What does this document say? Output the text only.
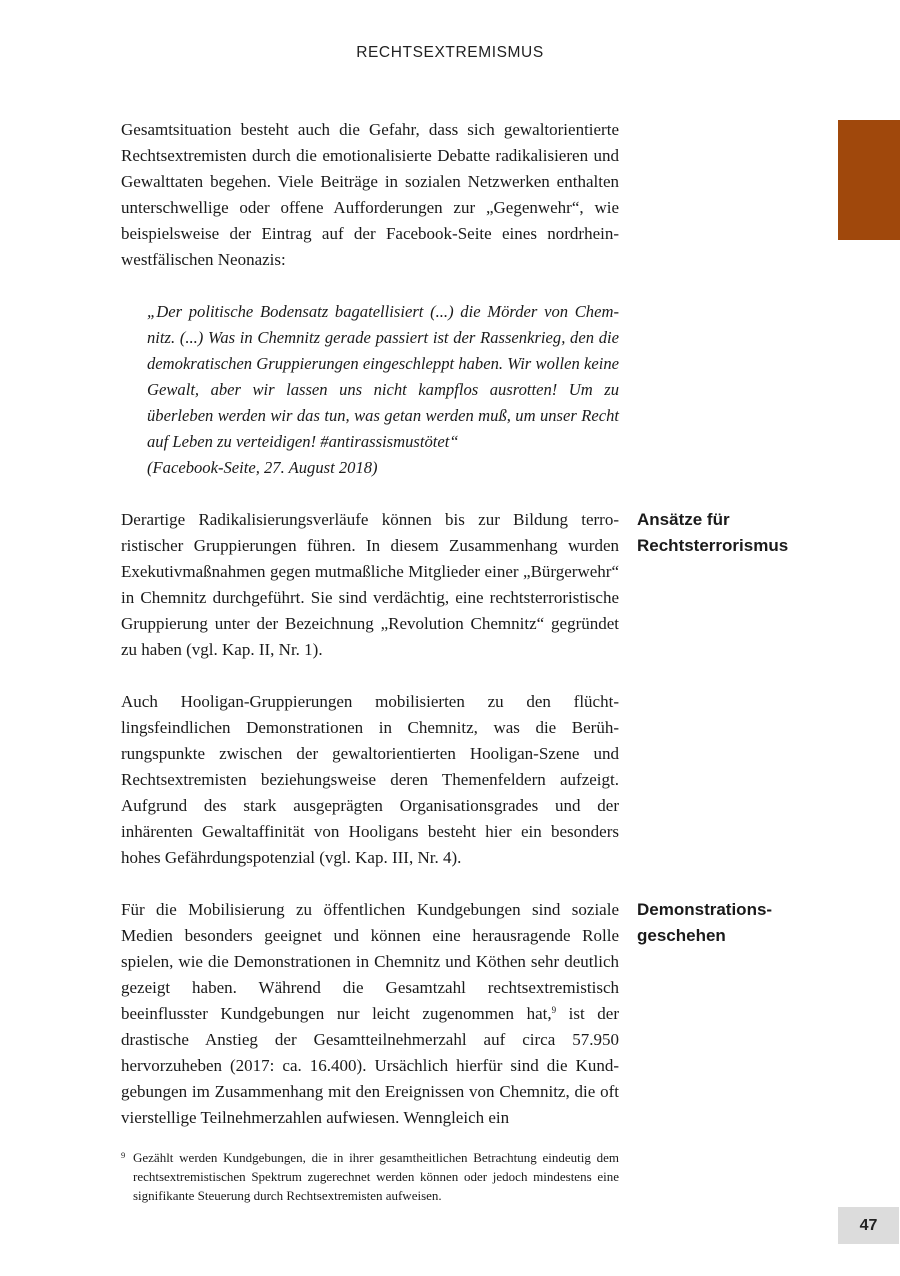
RECHTSEXTREMISMUS

Gesamtsituation besteht auch die Gefahr, dass sich gewaltorientierte Rechtsextremisten durch die emotionalisierte Debatte radikalisieren und Gewalttaten begehen. Viele Beiträge in sozialen Netzwerken enthalten unterschwellige oder offene Aufforderungen zur „Gegenwehr“, wie beispielsweise der Eintrag auf der Facebook-Seite eines nordrhein-westfälischen Neonazis:

„Der politische Bodensatz bagatellisiert (...) die Mörder von Chemnitz. (...) Was in Chemnitz gerade passiert ist der Rassenkrieg, den die demokratischen Gruppierungen eingeschleppt haben. Wir wollen keine Gewalt, aber wir lassen uns nicht kampflos ausrotten! Um zu überleben werden wir das tun, was getan werden muß, um unser Recht auf Leben zu verteidigen! #antirassismustötet“

(Facebook-Seite, 27. August 2018)

Derartige Radikalisierungsverläufe können bis zur Bildung terroristischer Gruppierungen führen. In diesem Zusammenhang wurden Exekutivmaßnahmen gegen mutmaßliche Mitglieder einer „Bürgerwehr“ in Chemnitz durchgeführt. Sie sind verdächtig, eine rechtsterroristische Gruppierung unter der Bezeichnung „Revolution Chemnitz“ gegründet zu haben (vgl. Kap. II, Nr. 1).

Ansätze für
Rechtsterrorismus

Auch Hooligan-Gruppierungen mobilisierten zu den flüchtlingsfeindlichen Demonstrationen in Chemnitz, was die Berührungspunkte zwischen der gewaltorientierten Hooligan-Szene und Rechtsextremisten beziehungsweise deren Themenfeldern aufzeigt. Aufgrund des stark ausgeprägten Organisationsgrades und der inhärenten Gewaltaffinität von Hooligans besteht hier ein besonders hohes Gefährdungspotenzial (vgl. Kap. III, Nr. 4).

Für die Mobilisierung zu öffentlichen Kundgebungen sind soziale Medien besonders geeignet und können eine herausragende Rolle spielen, wie die Demonstrationen in Chemnitz und Köthen sehr deutlich gezeigt haben. Während die Gesamtzahl rechtsextremistisch beeinflusster Kundgebungen nur leicht zugenommen hat,$^9$ ist der drastische Anstieg der Gesamtteilnehmerzahl auf circa 57.950 hervorzuheben (2017: ca. 16.400). Ursächlich hierfür sind die Kundgebungen im Zusammenhang mit den Ereignissen von Chemnitz, die oft vierstellige Teilnehmerzahlen aufwiesen. Wenngleich ein

Demonstrations-
geschehen
9 Gezählt werden Kundgebungen, die in ihrer gesamtheitlichen Betrachtung eindeutig dem rechtsextremistischen Spektrum zugerechnet werden können oder jedoch mindestens eine signifikante Steuerung durch Rechtsextremisten aufweisen.
47
